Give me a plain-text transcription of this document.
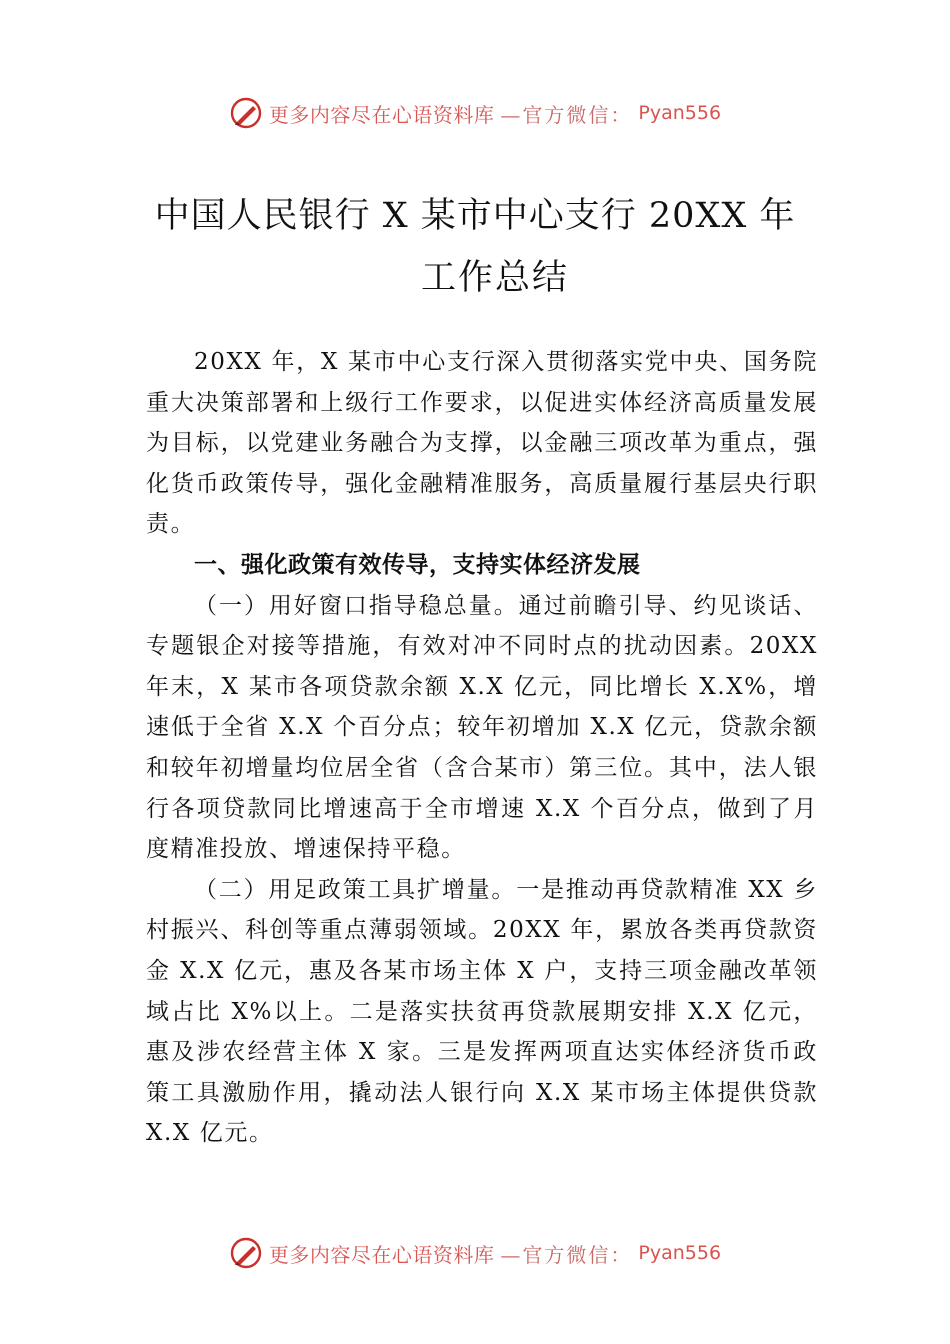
更多内容尽在心语资料库 —官方微信： Pyan556
中国人民银行 X 某市中心支行 20XX 年
工作总结

20XX 年，X 某市中心支行深入贯彻落实党中央、国务院重大决策部署和上级行工作要求，以促进实体经济高质量发展为目标，以党建业务融合为支撑，以金融三项改革为重点，强化货币政策传导，强化金融精准服务，高质量履行基层央行职责。

一、强化政策有效传导，支持实体经济发展

（一）用好窗口指导稳总量。通过前瞻引导、约见谈话、专题银企对接等措施，有效对冲不同时点的扰动因素。20XX 年末，X 某市各项贷款余额 X.X 亿元，同比增长 X.X%，增速低于全省 X.X 个百分点；较年初增加 X.X 亿元，贷款余额和较年初增量均位居全省（含合某市）第三位。其中，法人银行各项贷款同比增速高于全市增速 X.X 个百分点，做到了月度精准投放、增速保持平稳。

（二）用足政策工具扩增量。一是推动再贷款精准 XX 乡村振兴、科创等重点薄弱领域。20XX 年，累放各类再贷款资金 X.X 亿元，惠及各某市场主体 X 户，支持三项金融改革领域占比 X%以上。二是落实扶贫再贷款展期安排 X.X 亿元，惠及涉农经营主体 X 家。三是发挥两项直达实体经济货币政策工具激励作用，撬动法人银行向 X.X 某市场主体提供贷款 X.X 亿元。

更多内容尽在心语资料库 —官方微信： Pyan556
